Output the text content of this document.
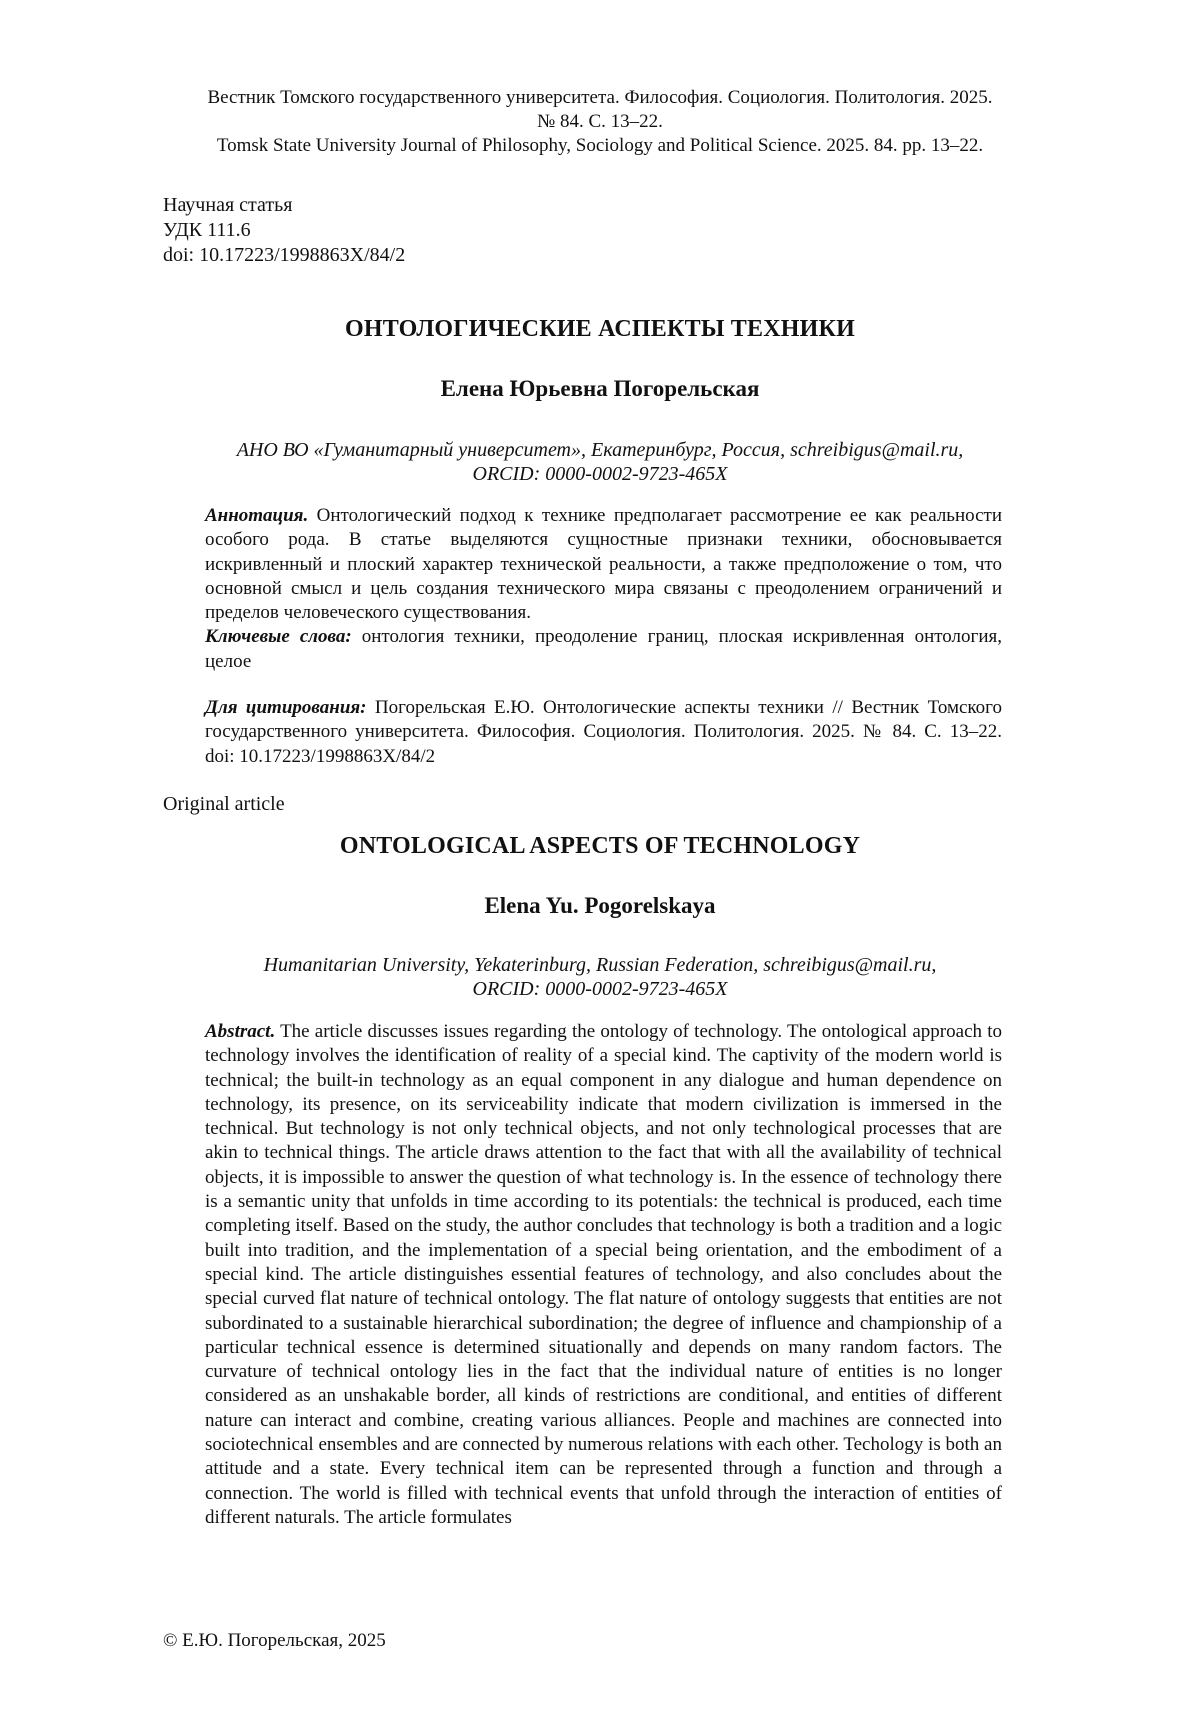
Вестник Томского государственного университета. Философия. Социология. Политология. 2025.
№ 84. С. 13–22.
Tomsk State University Journal of Philosophy, Sociology and Political Science. 2025. 84. pp. 13–22.
Научная статья
УДК 111.6
doi: 10.17223/1998863X/84/2
ОНТОЛОГИЧЕСКИЕ АСПЕКТЫ ТЕХНИКИ
Елена Юрьевна Погорельская
АНО ВО «Гуманитарный университет», Екатеринбург, Россия, schreibigus@mail.ru,
ORCID: 0000-0002-9723-465X

Аннотация. Онтологический подход к технике предполагает рассмотрение ее как реальности особого рода. В статье выделяются сущностные признаки техники, обосновывается искривленный и плоский характер технической реальности, а также предположение о том, что основной смысл и цель создания технического мира связаны с преодолением ограничений и пределов человеческого существования.

Ключевые слова: онтология техники, преодоление границ, плоская искривленная онтология, целое

Для цитирования: Погорельская Е.Ю. Онтологические аспекты техники // Вестник Томского государственного университета. Философия. Социология. Политология. 2025. № 84. С. 13–22. doi: 10.17223/1998863X/84/2

Original article
ONTOLOGICAL ASPECTS OF TECHNOLOGY
Elena Yu. Pogorelskaya
Humanitarian University, Yekaterinburg, Russian Federation, schreibigus@mail.ru,
ORCID: 0000-0002-9723-465X

Abstract. The article discusses issues regarding the ontology of technology. The ontological approach to technology involves the identification of reality of a special kind. The captivity of the modern world is technical; the built-in technology as an equal component in any dialogue and human dependence on technology, its presence, on its serviceability indicate that modern civilization is immersed in the technical. But technology is not only technical objects, and not only technological processes that are akin to technical things. The article draws attention to the fact that with all the availability of technical objects, it is impossible to answer the question of what technology is. In the essence of technology there is a semantic unity that unfolds in time according to its potentials: the technical is produced, each time completing itself. Based on the study, the author concludes that technology is both a tradition and a logic built into tradition, and the implementation of a special being orientation, and the embodiment of a special kind. The article distinguishes essential features of technology, and also concludes about the special curved flat nature of technical ontology. The flat nature of ontology suggests that entities are not subordinated to a sustainable hierarchical subordination; the degree of influence and championship of a particular technical essence is determined situationally and depends on many random factors. The curvature of technical ontology lies in the fact that the individual nature of entities is no longer considered as an unshakable border, all kinds of restrictions are conditional, and entities of different nature can interact and combine, creating various alliances. People and machines are connected into sociotechnical ensembles and are connected by numerous relations with each other. Techology is both an attitude and a state. Every technical item can be represented through a function and through a connection. The world is filled with technical events that unfold through the interaction of entities of different naturals. The article formulates

© Е.Ю. Погорельская, 2025
